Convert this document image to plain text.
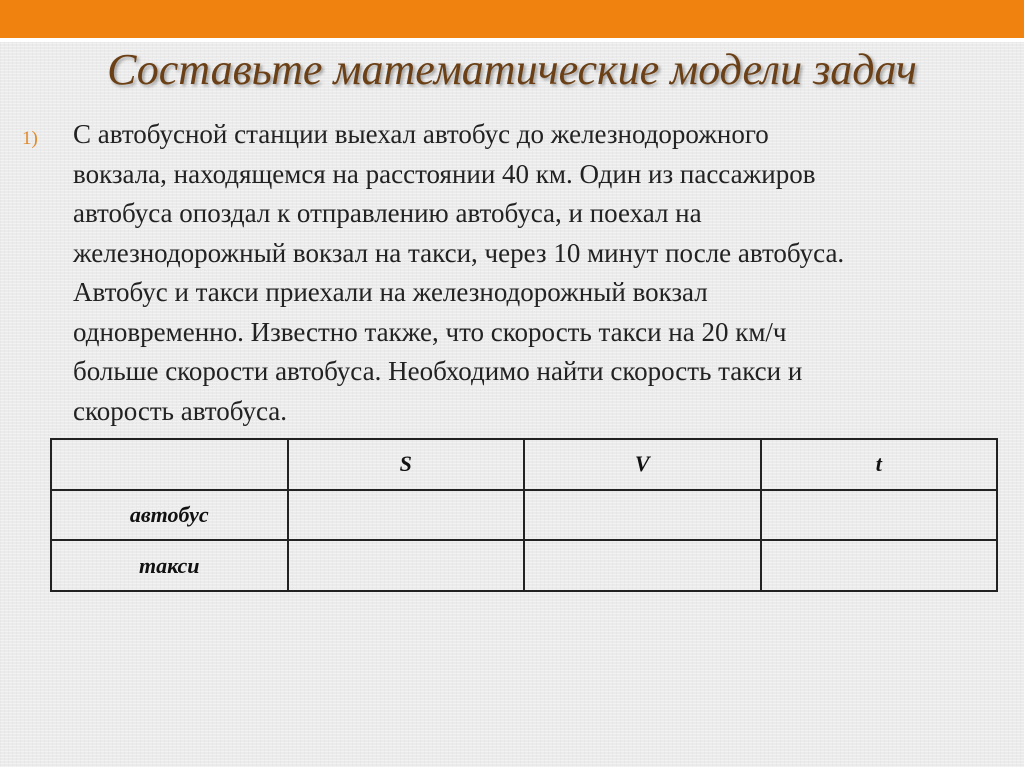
Составьте математические модели задач
1) С автобусной станции выехал автобус до железнодорожного
вокзала, находящемся на расстоянии 40 км. Один из пассажиров
автобуса опоздал к отправлению автобуса, и поехал на
железнодорожный вокзал на такси, через 10 минут после автобуса.
Автобус и такси приехали на железнодорожный вокзал
одновременно. Известно также, что скорость такси на 20 км/ч
больше скорости автобуса. Необходимо найти скорость такси и
скорость автобуса.
	S	V	t
автобус			
такси			
